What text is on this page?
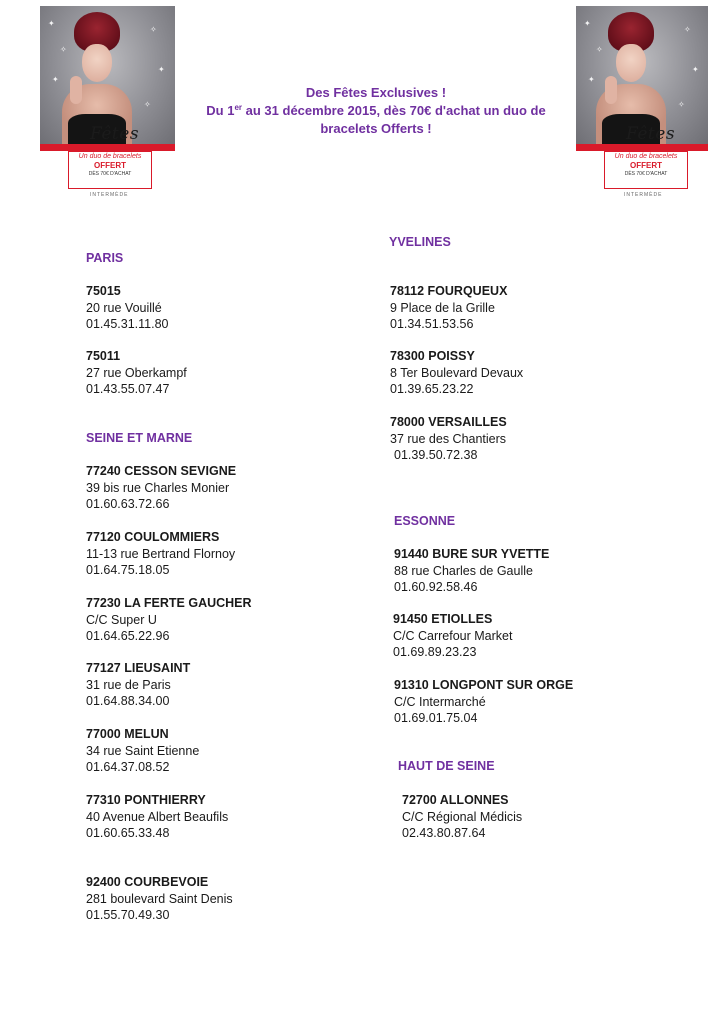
✦
✧
✦
✧
✦
✧
Fêtes
Un duo de bracelets
OFFERT
DÈS 70€ D'ACHAT
INTERMÈDE
✦
✧
✦
✧
✦
✧
Fêtes
Un duo de bracelets
OFFERT
DÈS 70€ D'ACHAT
INTERMÈDE
Des Fêtes Exclusives !
Du 1er au 31 décembre 2015, dès 70€ d'achat un duo de
bracelets Offerts !
PARIS
75015
20 rue Vouillé
01.45.31.11.80
75011
27 rue Oberkampf
01.43.55.07.47
SEINE ET MARNE
77240 CESSON SEVIGNE
39 bis rue Charles Monier
01.60.63.72.66
77120 COULOMMIERS
11-13 rue Bertrand Flornoy
01.64.75.18.05
77230 LA FERTE GAUCHER
C/C Super U
01.64.65.22.96
77127 LIEUSAINT
31 rue de Paris
01.64.88.34.00
77000 MELUN
34 rue Saint Etienne
01.64.37.08.52
77310 PONTHIERRY
40 Avenue Albert Beaufils
01.60.65.33.48
92400 COURBEVOIE
281 boulevard Saint Denis
01.55.70.49.30
YVELINES
78112 FOURQUEUX
9 Place de la Grille
01.34.51.53.56
78300 POISSY
8 Ter Boulevard Devaux
01.39.65.23.22
78000 VERSAILLES
37 rue des Chantiers
01.39.50.72.38
ESSONNE
91440 BURE SUR YVETTE
88 rue Charles de Gaulle
01.60.92.58.46
91450 ETIOLLES
C/C Carrefour Market
01.69.89.23.23
91310 LONGPONT SUR ORGE
C/C Intermarché
01.69.01.75.04
HAUT DE SEINE
72700 ALLONNES
C/C Régional Médicis
02.43.80.87.64
